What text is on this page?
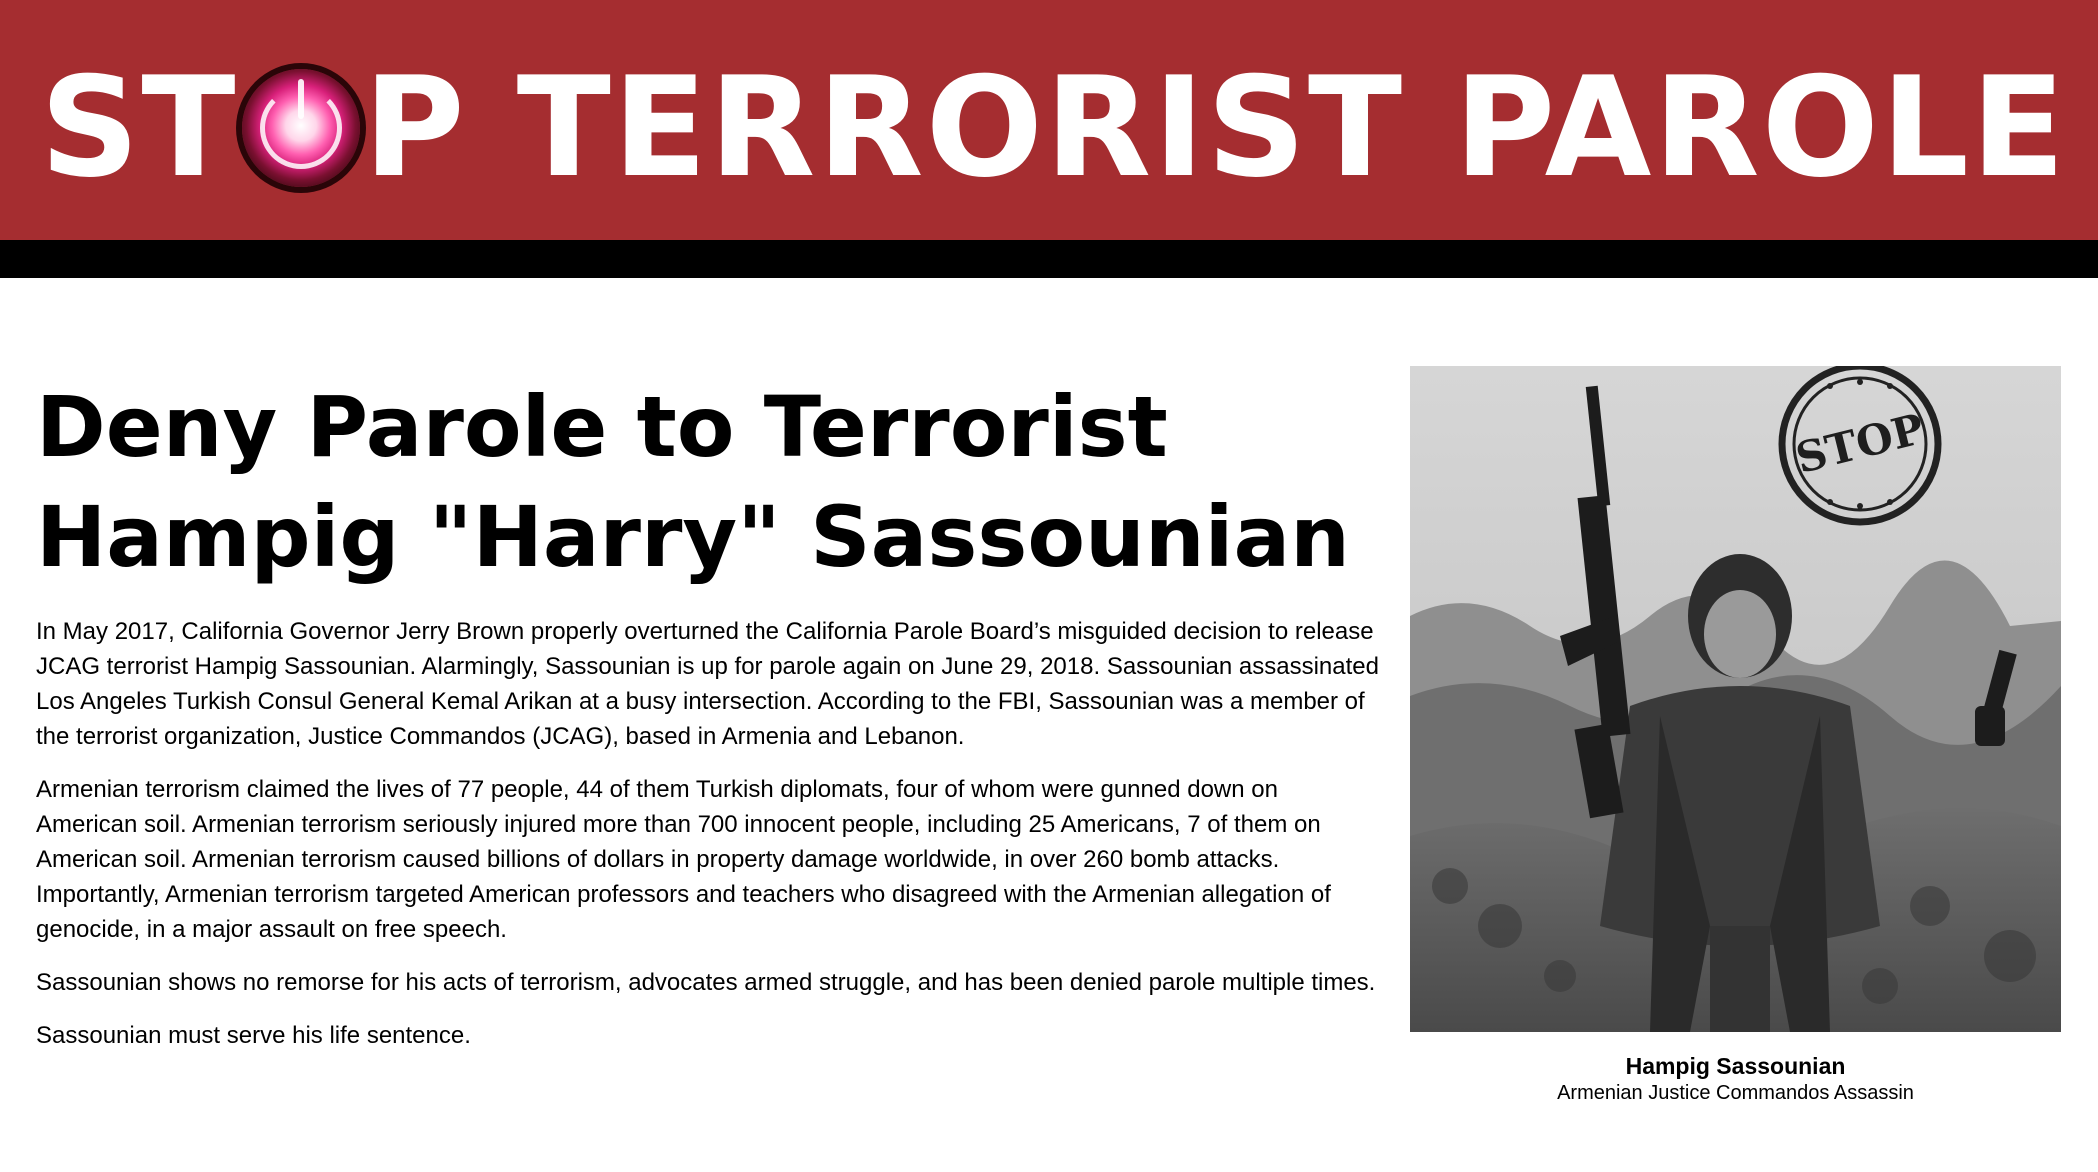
ST P TERRORIST PAROLE
Deny Parole to Terrorist
Hampig "Harry" Sassounian

In May 2017, California Governor Jerry Brown properly overturned the California Parole Board’s misguided decision to release JCAG terrorist Hampig Sassounian. Alarmingly, Sassounian is up for parole again on June 29, 2018. Sassounian assassinated Los Angeles Turkish Consul General Kemal Arikan at a busy intersection. According to the FBI, Sassounian was a member of the terrorist organization, Justice Commandos (JCAG), based in Armenia and Lebanon.

Armenian terrorism claimed the lives of 77 people, 44 of them Turkish diplomats, four of whom were gunned down on American soil. Armenian terrorism seriously injured more than 700 innocent people, including 25 Americans, 7 of them on American soil. Armenian terrorism caused billions of dollars in property damage worldwide, in over 260 bomb attacks. Importantly, Armenian terrorism targeted American professors and teachers who disagreed with the Armenian allegation of genocide, in a major assault on free speech.

Sassounian shows no remorse for his acts of terrorism, advocates armed struggle, and has been denied parole multiple times.

Sassounian must serve his life sentence.

STOP
Hampig Sassounian
Armenian Justice Commandos Assassin
